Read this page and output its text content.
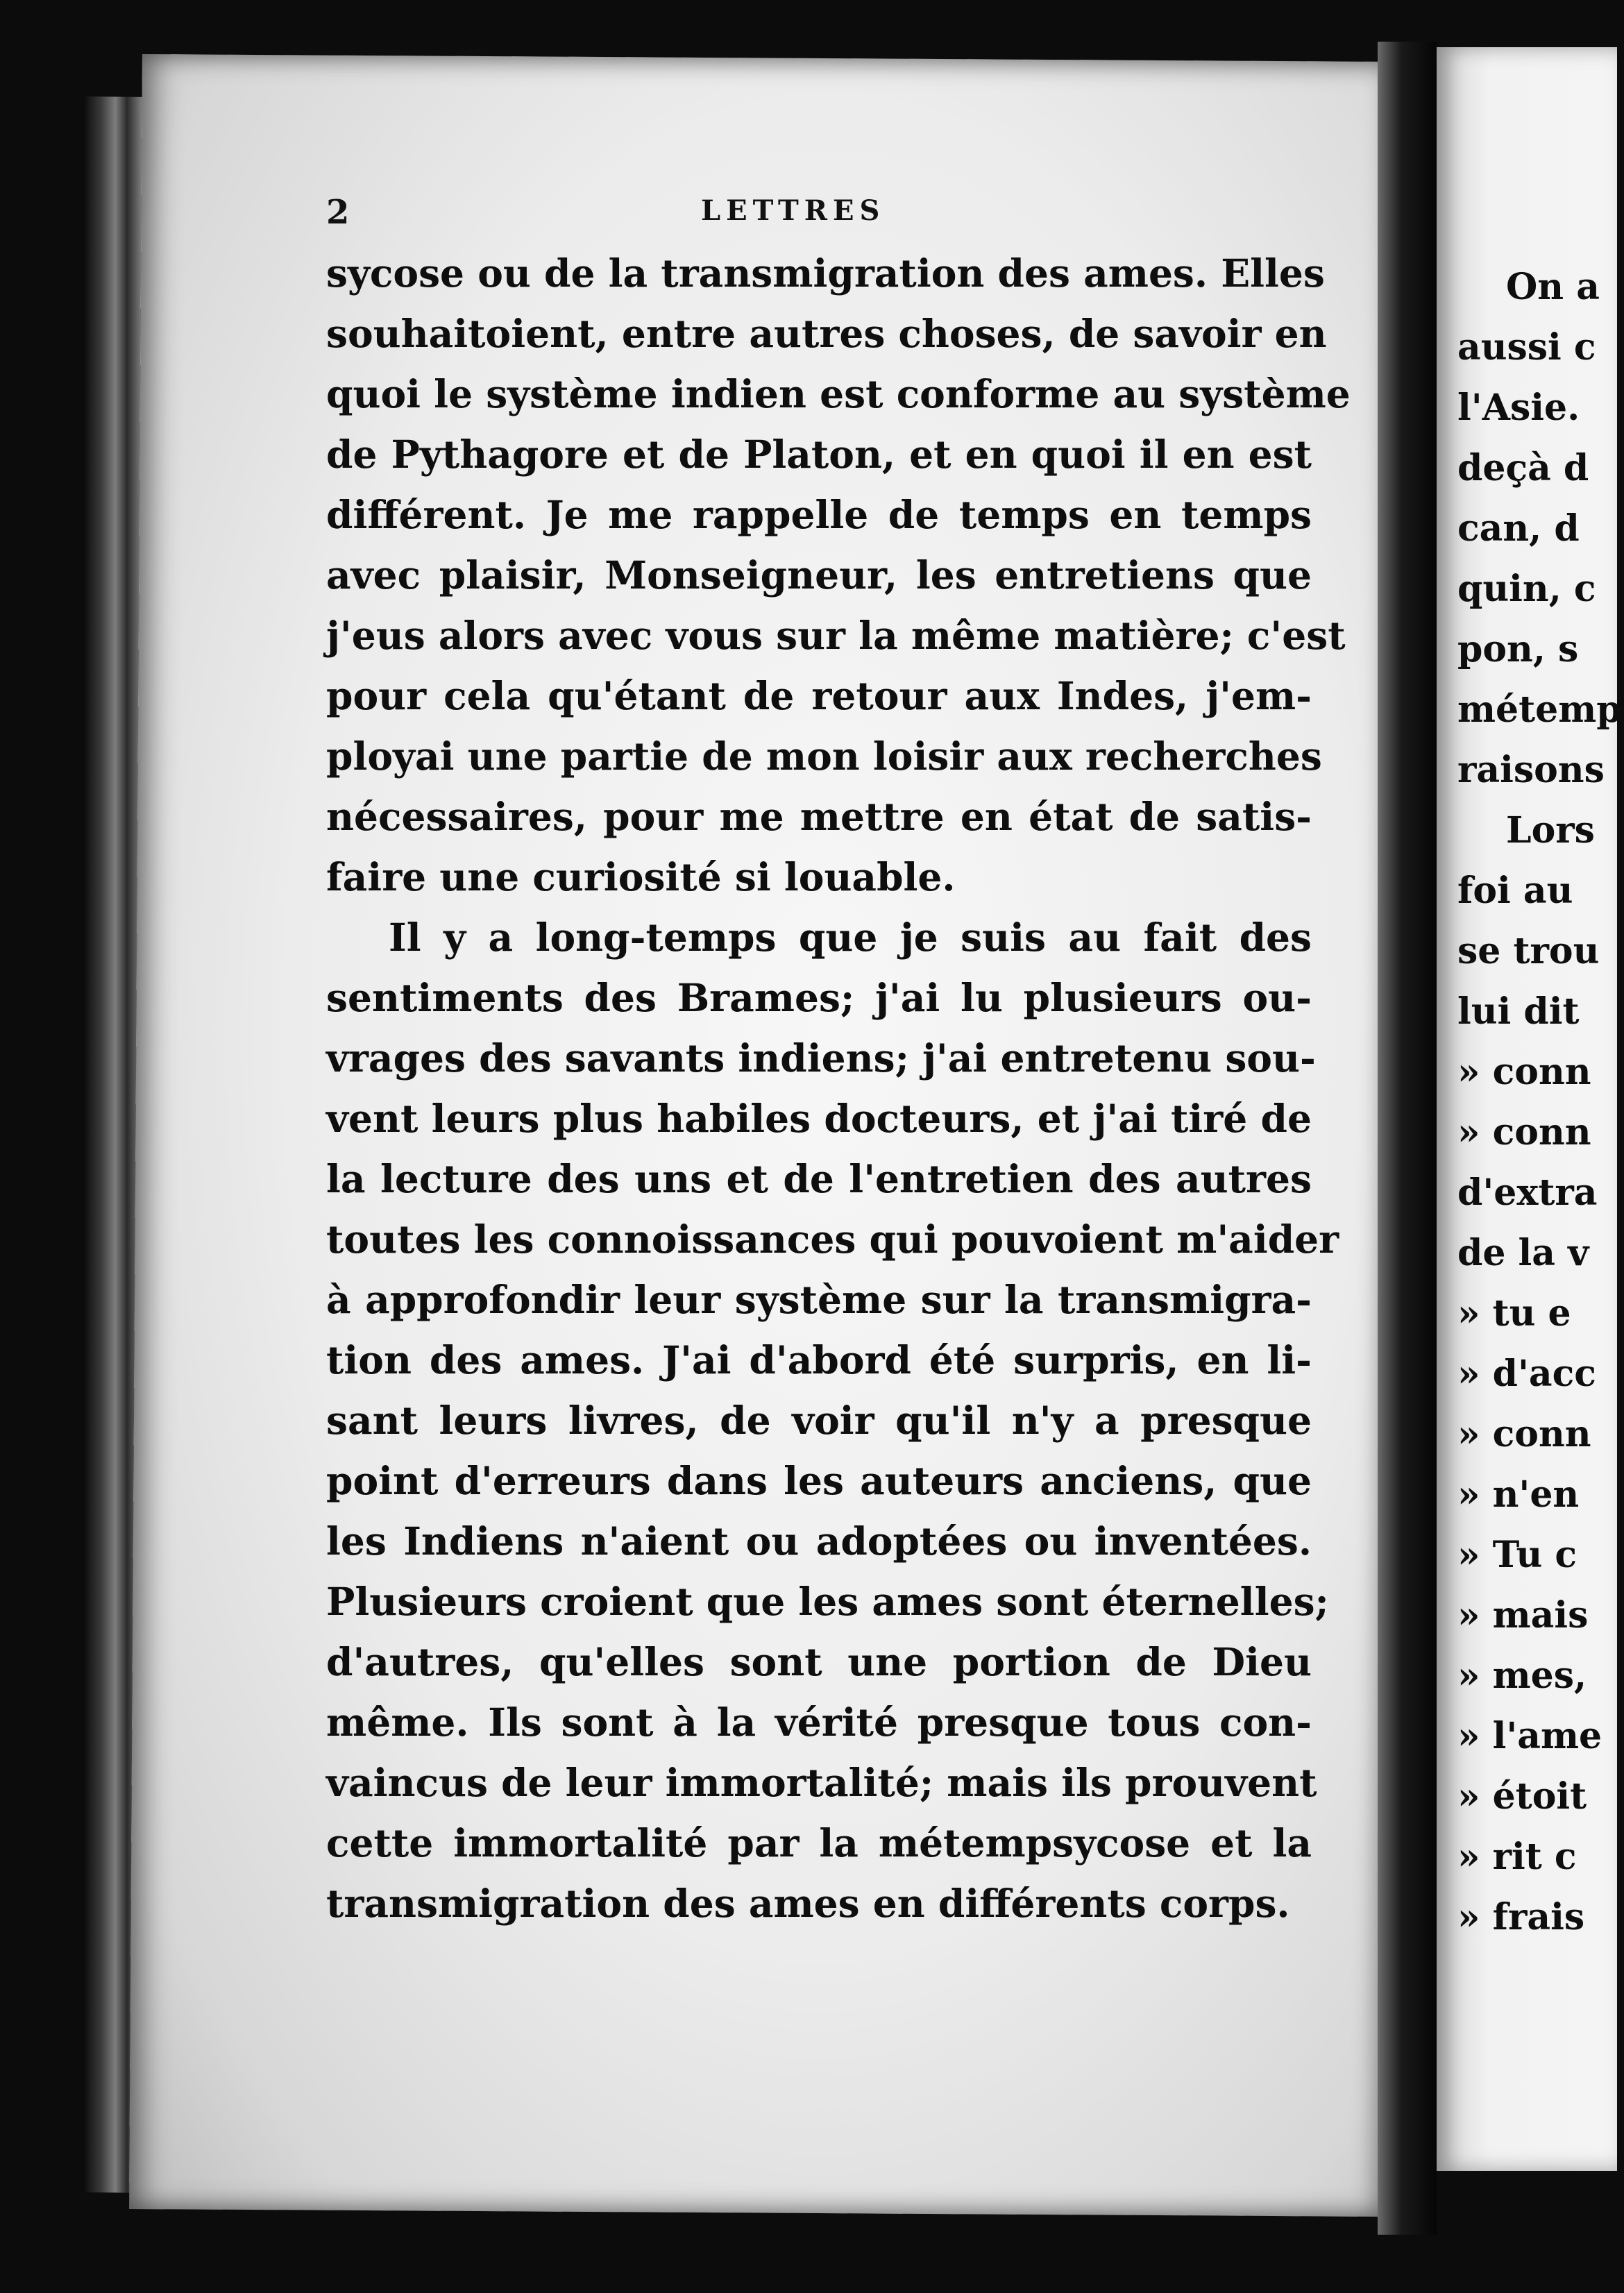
2	LETTRES
sycose ou de la transmigration des ames. Elles
souhaitoient, entre autres choses, de savoir en
quoi le système indien est conforme au système
de Pythagore et de Platon, et en quoi il en est
différent. Je me rappelle de temps en temps
avec plaisir, Monseigneur, les entretiens que
j'eus alors avec vous sur la même matière; c'est
pour cela qu'étant de retour aux Indes, j'em-
ployai une partie de mon loisir aux recherches
nécessaires, pour me mettre en état de satis-
faire une curiosité si louable.
Il y a long-temps que je suis au fait des
sentiments des Brames; j'ai lu plusieurs ou-
vrages des savants indiens; j'ai entretenu sou-
vent leurs plus habiles docteurs, et j'ai tiré de
la lecture des uns et de l'entretien des autres
toutes les connoissances qui pouvoient m'aider
à approfondir leur système sur la transmigra-
tion des ames. J'ai d'abord été surpris, en li-
sant leurs livres, de voir qu'il n'y a presque
point d'erreurs dans les auteurs anciens, que
les Indiens n'aient ou adoptées ou inventées.
Plusieurs croient que les ames sont éternelles;
d'autres, qu'elles sont une portion de Dieu
même. Ils sont à la vérité presque tous con-
vaincus de leur immortalité; mais ils prouvent
cette immortalité par la métempsycose et la
transmigration des ames en différents corps.
On a
aussi c
l'Asie.
deçà d
can, d
quin, c
pon, s
métemp
raisons
Lors
foi au
se trou
lui dit
» conn
» conn
d'extra
de la v
» tu e
» d'acc
» conn
» n'en
» Tu c
» mais
» mes,
» l'ame
» étoit
» rit c
» frais
